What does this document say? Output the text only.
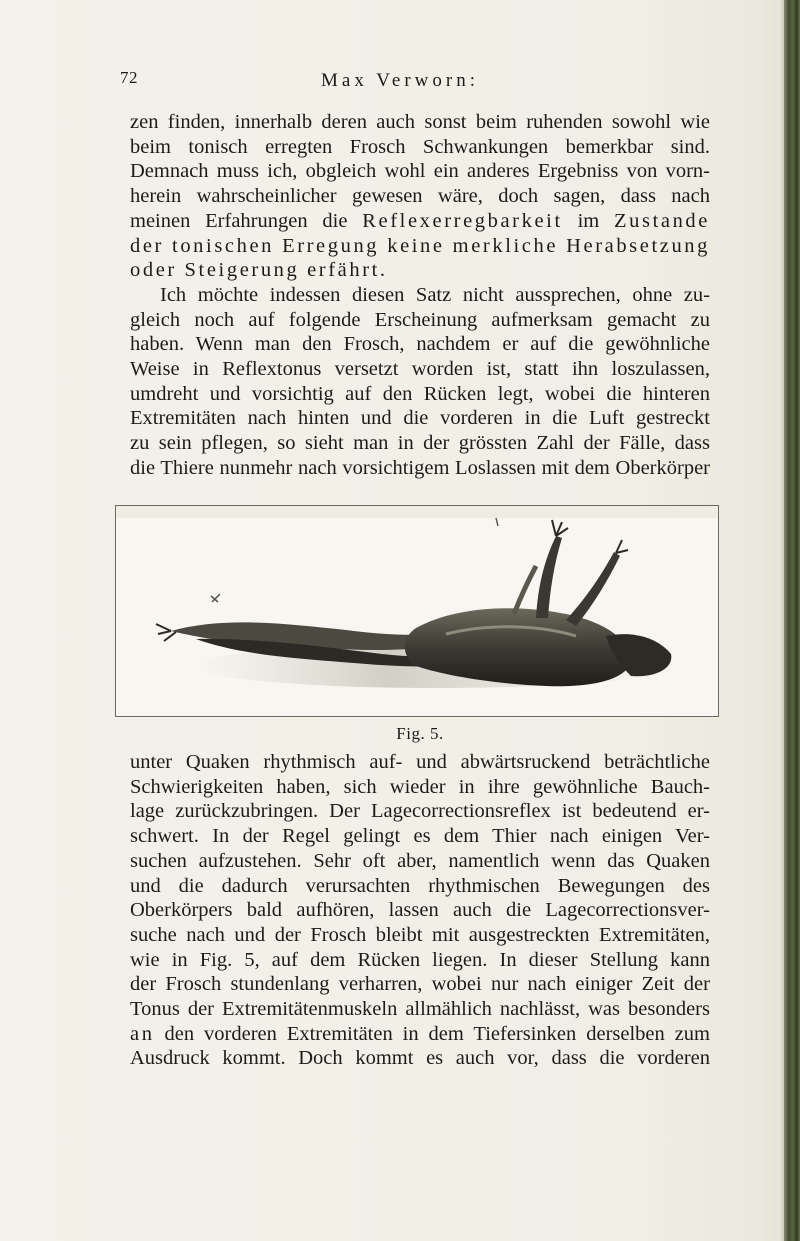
72	Max Verworn:
zen finden, innerhalb deren auch sonst beim ruhenden sowohl wie
beim tonisch erregten Frosch Schwankungen bemerkbar sind.
Demnach muss ich, obgleich wohl ein anderes Ergebniss von vorn-
herein wahrscheinlicher gewesen wäre, doch sagen, dass nach
meinen Erfahrungen die Reflexerregbarkeit im Zustande
der tonischen Erregung keine merkliche Herabsetzung
oder Steigerung erfährt.
Ich möchte indessen diesen Satz nicht aussprechen, ohne zu-
gleich noch auf folgende Erscheinung aufmerksam gemacht zu
haben. Wenn man den Frosch, nachdem er auf die gewöhnliche
Weise in Reflextonus versetzt worden ist, statt ihn loszulassen,
umdreht und vorsichtig auf den Rücken legt, wobei die hinteren
Extremitäten nach hinten und die vorderen in die Luft gestreckt
zu sein pflegen, so sieht man in der grössten Zahl der Fälle, dass
die Thiere nunmehr nach vorsichtigem Loslassen mit dem Oberkörper
Fig. 5.
unter Quaken rhythmisch auf- und abwärtsruckend beträchtliche
Schwierigkeiten haben, sich wieder in ihre gewöhnliche Bauch-
lage zurückzubringen. Der Lagecorrectionsreflex ist bedeutend er-
schwert. In der Regel gelingt es dem Thier nach einigen Ver-
suchen aufzustehen. Sehr oft aber, namentlich wenn das Quaken
und die dadurch verursachten rhythmischen Bewegungen des
Oberkörpers bald aufhören, lassen auch die Lagecorrectionsver-
suche nach und der Frosch bleibt mit ausgestreckten Extremitäten,
wie in Fig. 5, auf dem Rücken liegen. In dieser Stellung kann
der Frosch stundenlang verharren, wobei nur nach einiger Zeit der
Tonus der Extremitätenmuskeln allmählich nachlässt, was besonders
an den vorderen Extremitäten in dem Tiefersinken derselben zum
Ausdruck kommt. Doch kommt es auch vor, dass die vorderen
